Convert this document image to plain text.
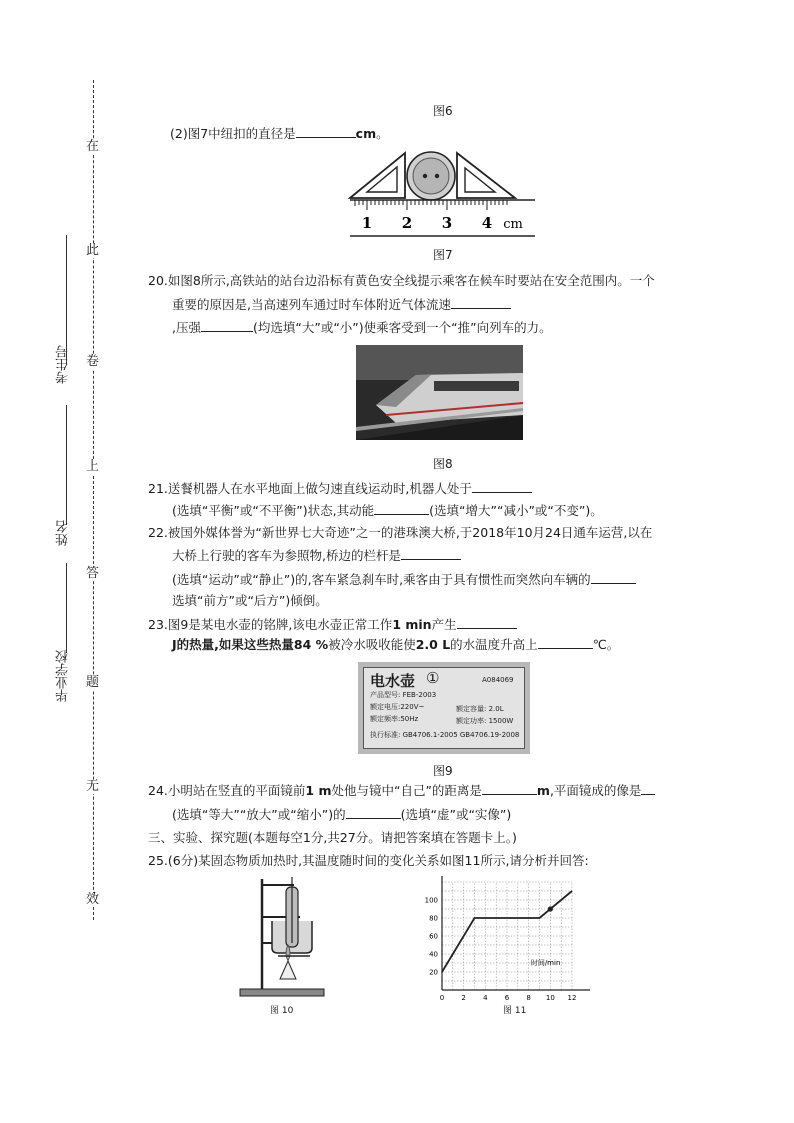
在
此
卷
上
答
题
无
效
考生号
姓名
毕业学校
图6
(2)图7中纽扣的直径是	cm。
1 2 3 4 cm
图7
20.如图8所示,高铁站的站台边沿标有黄色安全线提示乘客在候车时要站在安全范围内。一个
重要的原因是,当高速列车通过时车体附近气体流速
,压强	(均选填“大”或“小”)使乘客受到一个“推”向列车的力。
图8
21.送餐机器人在水平地面上做匀速直线运动时,机器人处于
(选填“平衡”或“不平衡”)状态,其动能	(选填“增大”“减小”或“不变”)。
22.被国外媒体誉为“新世界七大奇迹”之一的港珠澳大桥,于2018年10月24日通车运营,以在
大桥上行驶的客车为参照物,桥边的栏杆是
(选填“运动”或“静止”)的,客车紧急刹车时,乘客由于具有惯性而突然向车辆的
选填“前方”或“后方”)倾倒。
23.图9是某电水壶的铭牌,该电水壶正常工作1 min产生
J的热量,如果这些热量84 %被冷水吸收能使2.0 L的水温度升高上	℃。
电水壶 ①	A084069
产品型号: FEB-2003
额定电压:220V~	额定容量: 2.0L
额定频率:50Hz	额定功率: 1500W
执行标准: GB4706.1-2005 GB4706.19-2008
图9
24.小明站在竖直的平面镜前1 m处他与镜中“自己”的距离是	m,平面镜成的像是
(选填“等大”“放大”或“缩小”)的	(选填“虚”或“实像”)
三、实验、探究题(本题每空1分,共27分。请把答案填在答题卡上。)
25.(6分)某固态物质加热时,其温度随时间的变化关系如图11所示,请分析并回答:
图 10
0 2 4 6 8 10 12
20
40
60
80
100
时间/min
图 11
